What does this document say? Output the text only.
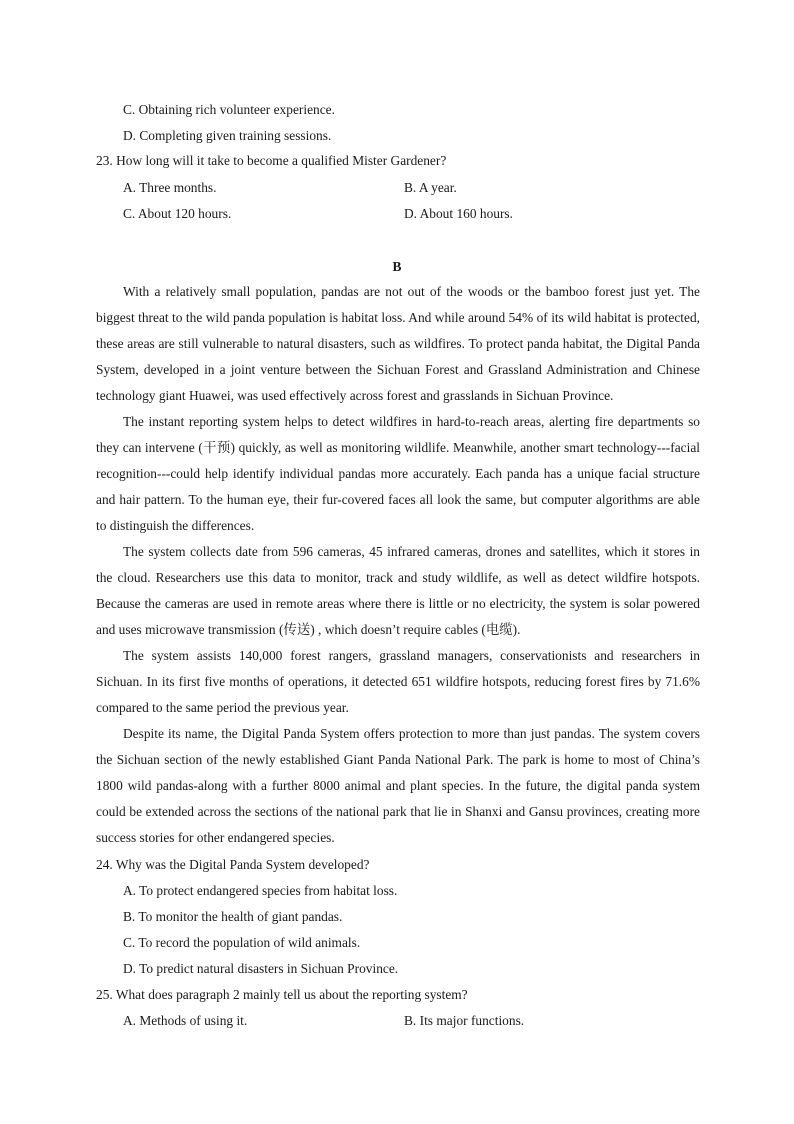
C. Obtaining rich volunteer experience.
D. Completing given training sessions.
23. How long will it take to become a qualified Mister Gardener?
A. Three months.	B. A year.
C. About 120 hours.	D. About 160 hours.
B
With a relatively small population, pandas are not out of the woods or the bamboo forest just yet. The biggest threat to the wild panda population is habitat loss. And while around 54% of its wild habitat is protected, these areas are still vulnerable to natural disasters, such as wildfires. To protect panda habitat, the Digital Panda System, developed in a joint venture between the Sichuan Forest and Grassland Administration and Chinese technology giant Huawei, was used effectively across forest and grasslands in Sichuan Province.
The instant reporting system helps to detect wildfires in hard-to-reach areas, alerting fire departments so they can intervene (干预) quickly, as well as monitoring wildlife. Meanwhile, another smart technology---facial recognition---could help identify individual pandas more accurately. Each panda has a unique facial structure and hair pattern. To the human eye, their fur-covered faces all look the same, but computer algorithms are able to distinguish the differences.
The system collects date from 596 cameras, 45 infrared cameras, drones and satellites, which it stores in the cloud. Researchers use this data to monitor, track and study wildlife, as well as detect wildfire hotspots. Because the cameras are used in remote areas where there is little or no electricity, the system is solar powered and uses microwave transmission (传送) , which doesn’t require cables (电缆).
The system assists 140,000 forest rangers, grassland managers, conservationists and researchers in Sichuan. In its first five months of operations, it detected 651 wildfire hotspots, reducing forest fires by 71.6% compared to the same period the previous year.
Despite its name, the Digital Panda System offers protection to more than just pandas. The system covers the Sichuan section of the newly established Giant Panda National Park. The park is home to most of China’s 1800 wild pandas-along with a further 8000 animal and plant species. In the future, the digital panda system could be extended across the sections of the national park that lie in Shanxi and Gansu provinces, creating more success stories for other endangered species.
24. Why was the Digital Panda System developed?
A. To protect endangered species from habitat loss.
B. To monitor the health of giant pandas.
C. To record the population of wild animals.
D. To predict natural disasters in Sichuan Province.
25. What does paragraph 2 mainly tell us about the reporting system?
A. Methods of using it.	B. Its major functions.
